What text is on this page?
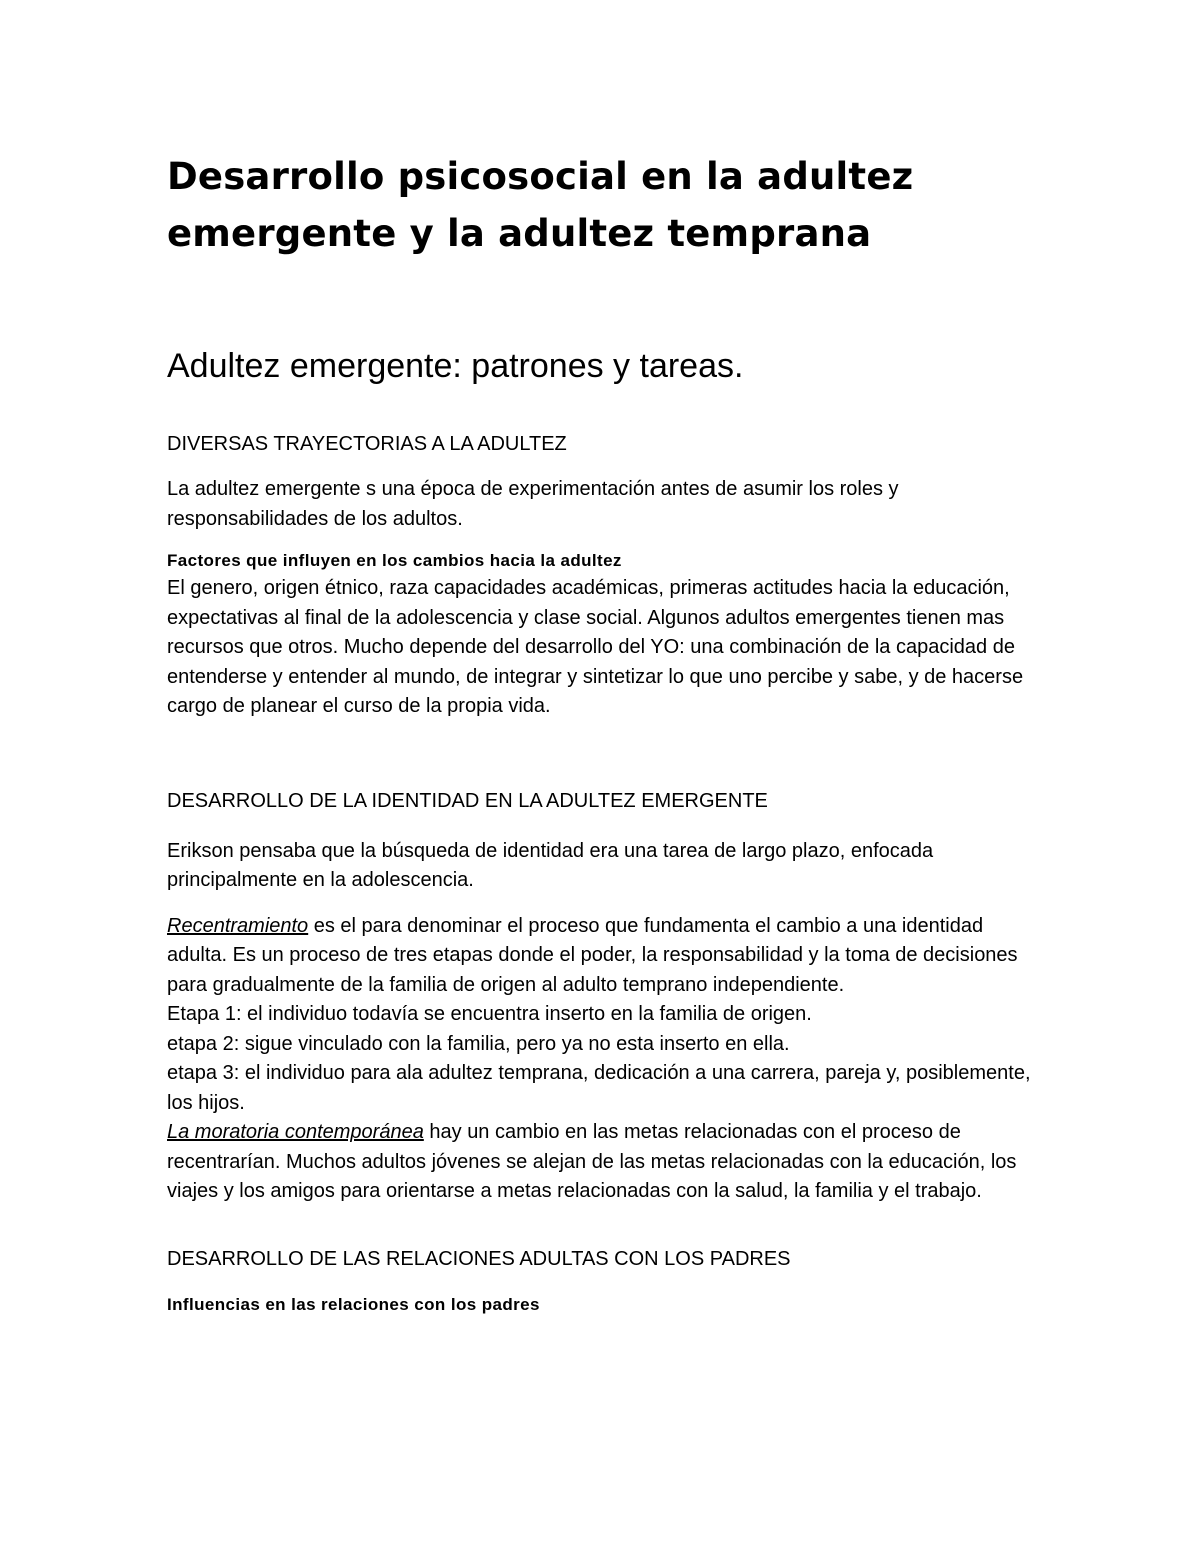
Desarrollo psicosocial en la adultez emergente y la adultez temprana
Adultez emergente: patrones y tareas.

DIVERSAS TRAYECTORIAS A LA ADULTEZ

La adultez emergente s una época de experimentación antes de asumir los roles y responsabilidades de los adultos.

Factores que influyen en los cambios hacia la adultez

El genero, origen étnico, raza capacidades académicas, primeras actitudes hacia la educación, expectativas al final de la adolescencia y clase social. Algunos adultos emergentes tienen mas recursos que otros. Mucho depende del desarrollo del YO: una combinación de la capacidad de entenderse y entender al mundo, de integrar y sintetizar lo que uno percibe y sabe, y de hacerse cargo de planear el curso de la propia vida.

DESARROLLO DE LA IDENTIDAD EN LA ADULTEZ EMERGENTE

Erikson pensaba que la búsqueda de identidad era una tarea de largo plazo, enfocada principalmente en la adolescencia.

Recentramiento es el para denominar el proceso que fundamenta el cambio a una identidad adulta. Es un proceso de tres etapas donde el poder, la responsabilidad y la toma de decisiones para gradualmente de la familia de origen al adulto temprano independiente.

Etapa 1: el individuo todavía se encuentra inserto en la familia de origen.

etapa 2: sigue vinculado con la familia, pero ya no esta inserto en ella.

etapa 3: el individuo para ala adultez temprana, dedicación a una carrera, pareja y, posiblemente, los hijos.

La moratoria contemporánea hay un cambio en las metas relacionadas con el proceso de recentrarían. Muchos adultos jóvenes se alejan de las metas relacionadas con la educación, los viajes y los amigos para orientarse a metas relacionadas con la salud, la familia y el trabajo.

DESARROLLO DE LAS RELACIONES ADULTAS CON LOS PADRES

Influencias en las relaciones con los padres
